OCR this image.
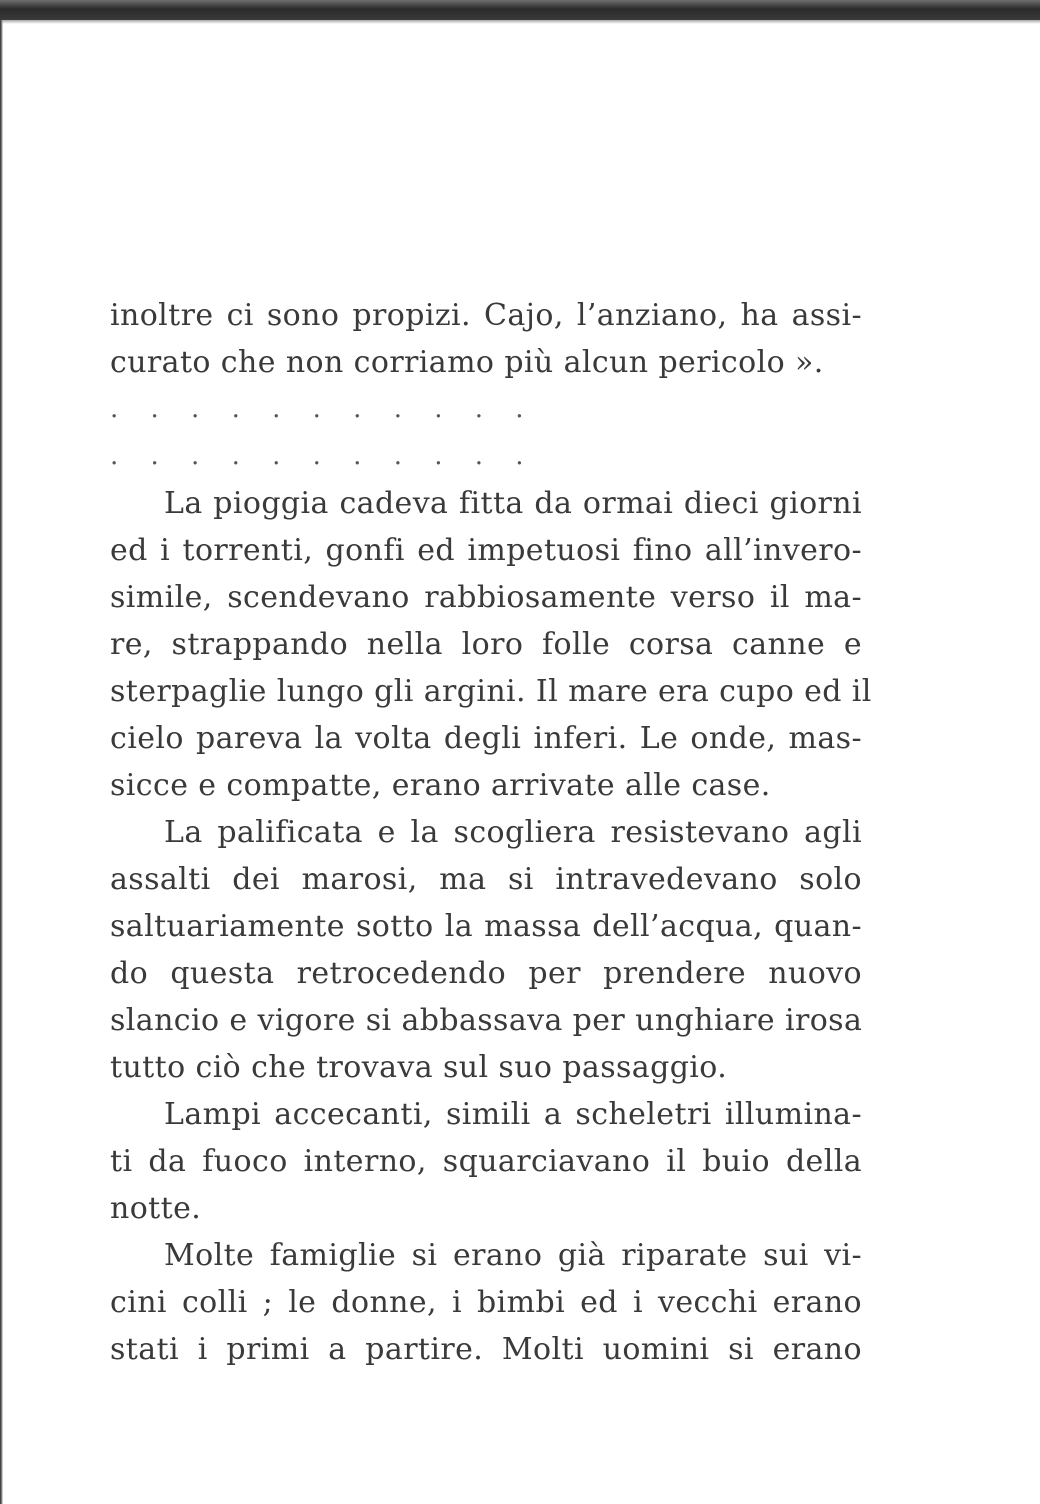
inoltre ci sono propizi. Cajo, l’anziano, ha assi-
curato che non corriamo più alcun pericolo ».
. . . . . . . . . . .
. . . . . . . . . . .
La pioggia cadeva fitta da ormai dieci giorni
ed i torrenti, gonfi ed impetuosi fino all’invero-
simile, scendevano rabbiosamente verso il ma-
re, strappando nella loro folle corsa canne e
sterpaglie lungo gli argini. Il mare era cupo ed il
cielo pareva la volta degli inferi. Le onde, mas-
sicce e compatte, erano arrivate alle case.
La palificata e la scogliera resistevano agli
assalti dei marosi, ma si intravedevano solo
saltuariamente sotto la massa dell’acqua, quan-
do questa retrocedendo per prendere nuovo
slancio e vigore si abbassava per unghiare irosa
tutto ciò che trovava sul suo passaggio.
Lampi accecanti, simili a scheletri illumina-
ti da fuoco interno, squarciavano il buio della
notte.
Molte famiglie si erano già riparate sui vi-
cini colli ; le donne, i bimbi ed i vecchi erano
stati i primi a partire. Molti uomini si erano
